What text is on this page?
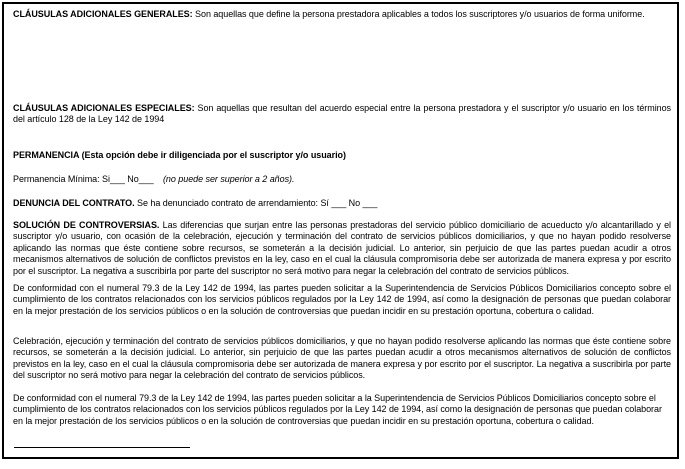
CLÁUSULAS ADICIONALES GENERALES: Son aquellas que define la persona prestadora aplicables a todos los suscriptores y/o usuarios de forma uniforme.

CLÁUSULAS ADICIONALES ESPECIALES: Son aquellas que resultan del acuerdo especial entre la persona prestadora y el suscriptor y/o usuario en los términos del artículo 128 de la Ley 142 de 1994

PERMANENCIA (Esta opción debe ir diligenciada por el suscriptor y/o usuario)

Permanencia Mínima: Si___ No___ (no puede ser superior a 2 años).

DENUNCIA DEL CONTRATO. Se ha denunciado contrato de arrendamiento: Sí ___ No ___

SOLUCIÓN DE CONTROVERSIAS. Las diferencias que surjan entre las personas prestadoras del servicio público domiciliario de acueducto y/o alcantarillado y el suscriptor y/o usuario, con ocasión de la celebración, ejecución y terminación del contrato de servicios públicos domiciliarios, y que no hayan podido resolverse aplicando las normas que éste contiene sobre recursos, se someterán a la decisión judicial. Lo anterior, sin perjuicio de que las partes puedan acudir a otros mecanismos alternativos de solución de conflictos previstos en la ley, caso en el cual la cláusula compromisoria debe ser autorizada de manera expresa y por escrito por el suscriptor. La negativa a suscribirla por parte del suscriptor no será motivo para negar la celebración del contrato de servicios públicos.

De conformidad con el numeral 79.3 de la Ley 142 de 1994, las partes pueden solicitar a la Superintendencia de Servicios Públicos Domiciliarios concepto sobre el cumplimiento de los contratos relacionados con los servicios públicos regulados por la Ley 142 de 1994, así como la designación de personas que puedan colaborar en la mejor prestación de los servicios públicos o en la solución de controversias que puedan incidir en su prestación oportuna, cobertura o calidad.

Celebración, ejecución y terminación del contrato de servicios públicos domiciliarios, y que no hayan podido resolverse aplicando las normas que éste contiene sobre recursos, se someterán a la decisión judicial. Lo anterior, sin perjuicio de que las partes puedan acudir a otros mecanismos alternativos de solución de conflictos previstos en la ley, caso en el cual la cláusula compromisoria debe ser autorizada de manera expresa y por escrito por el suscriptor. La negativa a suscribirla por parte del suscriptor no será motivo para negar la celebración del contrato de servicios públicos.

De conformidad con el numeral 79.3 de la Ley 142 de 1994, las partes pueden solicitar a la Superintendencia de Servicios Públicos Domiciliarios concepto sobre el cumplimiento de los contratos relacionados con los servicios públicos regulados por la Ley 142 de 1994, así como la designación de personas que puedan colaborar en la mejor prestación de los servicios públicos o en la solución de controversias que puedan incidir en su prestación oportuna, cobertura o calidad.
